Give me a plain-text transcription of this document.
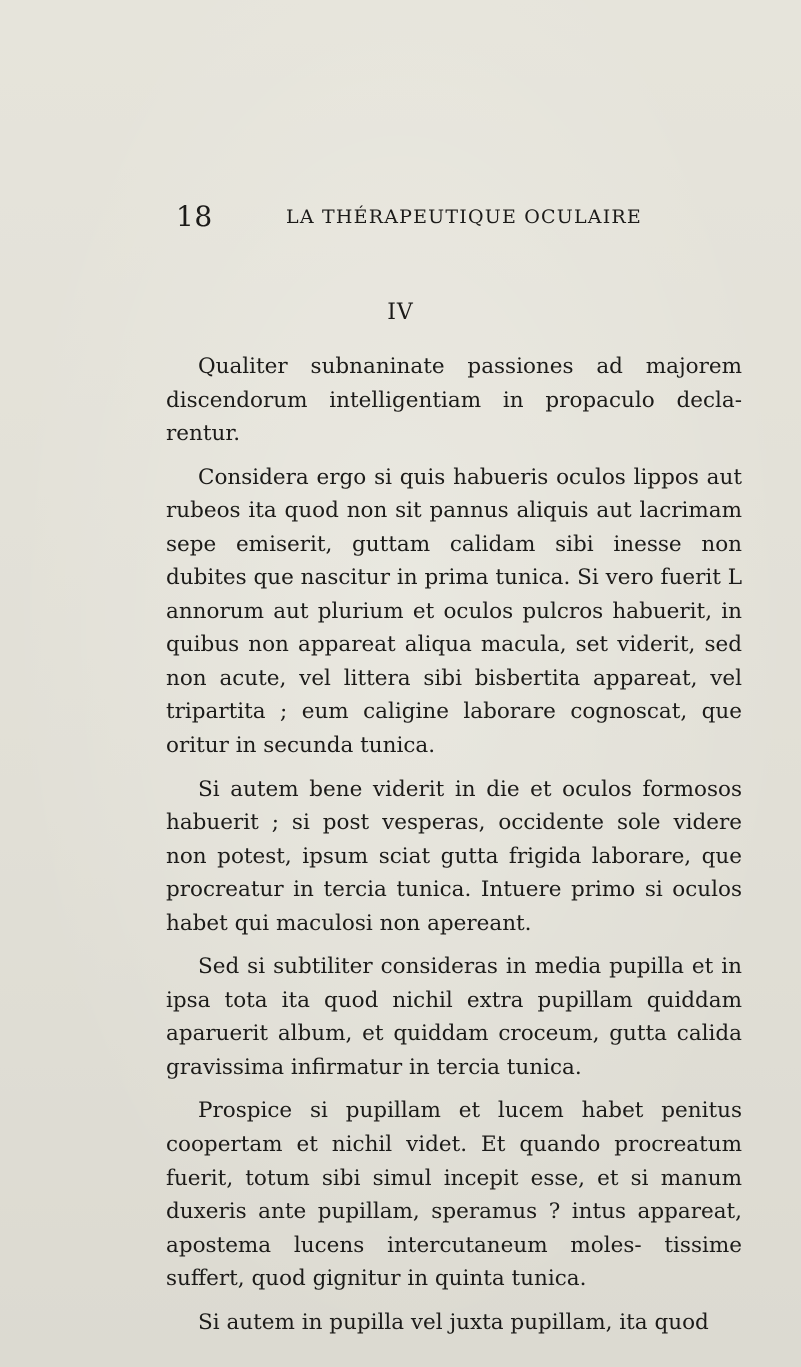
18	LA THÉRAPEUTIQUE OCULAIRE
IV

Qualiter subnaninate passiones ad majorem discendorum intelligentiam in propaculo decla- rentur.

Considera ergo si quis habueris oculos lippos aut rubeos ita quod non sit pannus aliquis aut lacrimam sepe emiserit, guttam calidam sibi inesse non dubites que nascitur in prima tunica. Si vero fuerit L annorum aut plurium et oculos pulcros habuerit, in quibus non appareat aliqua macula, set viderit, sed non acute, vel littera sibi bisbertita appareat, vel tripartita ; eum caligine laborare cognoscat, que oritur in secunda tunica.

Si autem bene viderit in die et oculos formosos habuerit ; si post vesperas, occidente sole videre non potest, ipsum sciat gutta frigida laborare, que procreatur in tercia tunica. Intuere primo si oculos habet qui maculosi non apereant.

Sed si subtiliter consideras in media pupilla et in ipsa tota ita quod nichil extra pupillam quiddam aparuerit album, et quiddam croceum, gutta calida gravissima infirmatur in tercia tunica.

Prospice si pupillam et lucem habet penitus coopertam et nichil videt. Et quando procreatum fuerit, totum sibi simul incepit esse, et si manum duxeris ante pupillam, speramus ? intus appareat, apostema lucens intercutaneum moles- tissime suffert, quod gignitur in quinta tunica.

Si autem in pupilla vel juxta pupillam, ita quod
